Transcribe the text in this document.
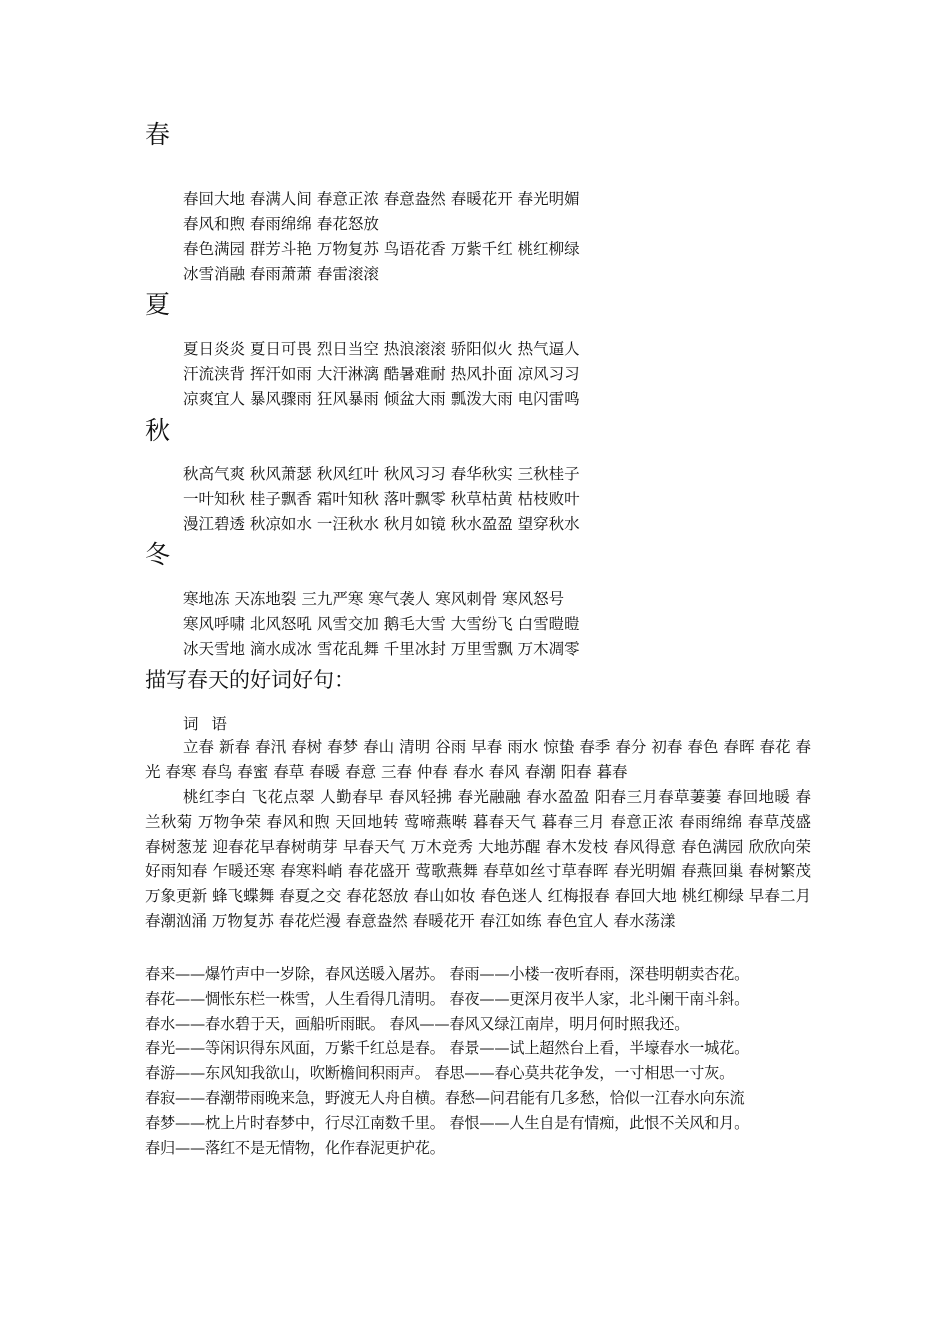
春

春回大地 春满人间 春意正浓 春意盎然 春暖花开 春光明媚

春风和煦 春雨绵绵 春花怒放

春色满园 群芳斗艳 万物复苏 鸟语花香 万紫千红 桃红柳绿

冰雪消融 春雨萧萧 春雷滚滚

夏

夏日炎炎 夏日可畏 烈日当空 热浪滚滚 骄阳似火 热气逼人

汗流浃背 挥汗如雨 大汗淋漓 酷暑难耐 热风扑面 凉风习习

凉爽宜人 暴风骤雨 狂风暴雨 倾盆大雨 瓢泼大雨 电闪雷鸣

秋

秋高气爽 秋风萧瑟 秋风红叶 秋风习习 春华秋实 三秋桂子

一叶知秋 桂子飘香 霜叶知秋 落叶飘零 秋草枯黄 枯枝败叶

漫江碧透 秋凉如水 一汪秋水 秋月如镜 秋水盈盈 望穿秋水

冬

寒地冻 天冻地裂 三九严寒 寒气袭人 寒风刺骨 寒风怒号

寒风呼啸 北风怒吼 风雪交加 鹅毛大雪 大雪纷飞 白雪暟暟

冰天雪地 滴水成冰 雪花乱舞 千里冰封 万里雪飘 万木凋零

描写春天的好词好句：

词 语

立春 新春 春汛 春树 春梦 春山 清明 谷雨 早春 雨水 惊蛰 春季 春分 初春 春色 春晖 春花 春光 春寒 春鸟 春蜜 春草 春暖 春意 三春 仲春 春水 春风 春潮 阳春 暮春

桃红李白 飞花点翠 人勤春早 春风轻拂 春光融融 春水盈盈 阳春三月春草萋萋 春回地暖 春兰秋菊 万物争荣 春风和煦 天回地转 莺啼燕啭 暮春天气 暮春三月 春意正浓 春雨绵绵 春草茂盛 春树葱茏 迎春花早春树萌芽 早春天气 万木竞秀 大地苏醒 春木发枝 春风得意 春色满园 欣欣向荣 好雨知春 乍暖还寒 春寒料峭 春花盛开 莺歌燕舞 春草如丝寸草春晖 春光明媚 春燕回巢 春树繁茂 万象更新 蜂飞蝶舞 春夏之交 春花怒放 春山如妆 春色迷人 红梅报春 春回大地 桃红柳绿 早春二月春潮汹涌 万物复苏 春花烂漫 春意盎然 春暖花开 春江如练 春色宜人 春水荡漾

春来——爆竹声中一岁除，春风送暖入屠苏。 春雨——小楼一夜听春雨，深巷明朝卖杏花。
春花——惆怅东栏一株雪，人生看得几清明。 春夜——更深月夜半人家，北斗阑干南斗斜。
春水——春水碧于天，画船听雨眠。 春风——春风又绿江南岸，明月何时照我还。
春光——等闲识得东风面，万紫千红总是春。 春景——试上超然台上看，半壕春水一城花。
春游——东风知我欲山，吹断檐间积雨声。 春思——春心莫共花争发，一寸相思一寸灰。
春寂——春潮带雨晚来急，野渡无人舟自横。春愁—问君能有几多愁，恰似一江春水向东流
春梦——枕上片时春梦中，行尽江南数千里。 春恨——人生自是有情痴，此恨不关风和月。
春归——落红不是无情物，化作春泥更护花。
